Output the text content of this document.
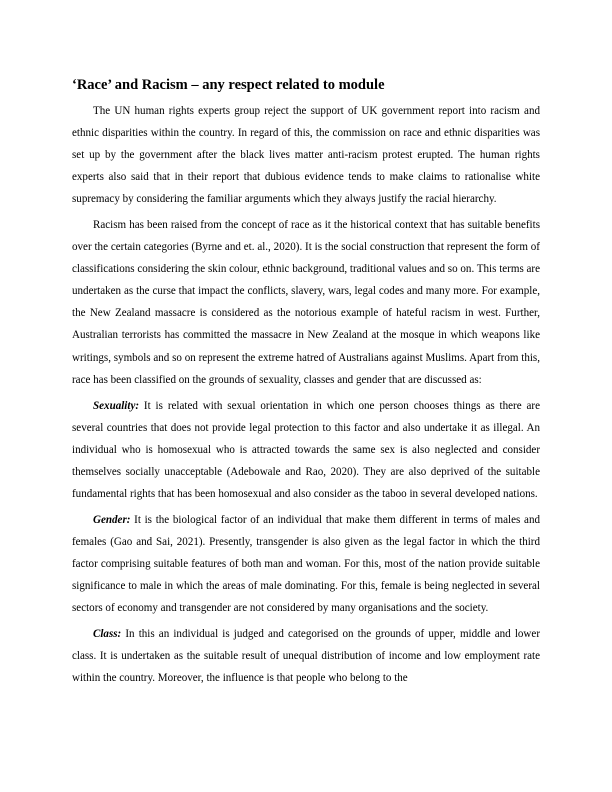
‘Race’ and Racism – any respect related to module

The UN human rights experts group reject the support of UK government report into racism and ethnic disparities within the country. In regard of this, the commission on race and ethnic disparities was set up by the government after the black lives matter anti-racism protest erupted. The human rights experts also said that in their report that dubious evidence tends to make claims to rationalise white supremacy by considering the familiar arguments which they always justify the racial hierarchy.

Racism has been raised from the concept of race as it the historical context that has suitable benefits over the certain categories (Byrne and et. al., 2020). It is the social construction that represent the form of classifications considering the skin colour, ethnic background, traditional values and so on. This terms are undertaken as the curse that impact the conflicts, slavery, wars, legal codes and many more. For example, the New Zealand massacre is considered as the notorious example of hateful racism in west. Further, Australian terrorists has committed the massacre in New Zealand at the mosque in which weapons like writings, symbols and so on represent the extreme hatred of Australians against Muslims. Apart from this, race has been classified on the grounds of sexuality, classes and gender that are discussed as:

Sexuality: It is related with sexual orientation in which one person chooses things as there are several countries that does not provide legal protection to this factor and also undertake it as illegal. An individual who is homosexual who is attracted towards the same sex is also neglected and consider themselves socially unacceptable (Adebowale and Rao, 2020). They are also deprived of the suitable fundamental rights that has been homosexual and also consider as the taboo in several developed nations.

Gender: It is the biological factor of an individual that make them different in terms of males and females (Gao and Sai, 2021). Presently, transgender is also given as the legal factor in which the third factor comprising suitable features of both man and woman. For this, most of the nation provide suitable significance to male in which the areas of male dominating. For this, female is being neglected in several sectors of economy and transgender are not considered by many organisations and the society.

Class: In this an individual is judged and categorised on the grounds of upper, middle and lower class. It is undertaken as the suitable result of unequal distribution of income and low employment rate within the country. Moreover, the influence is that people who belong to the
